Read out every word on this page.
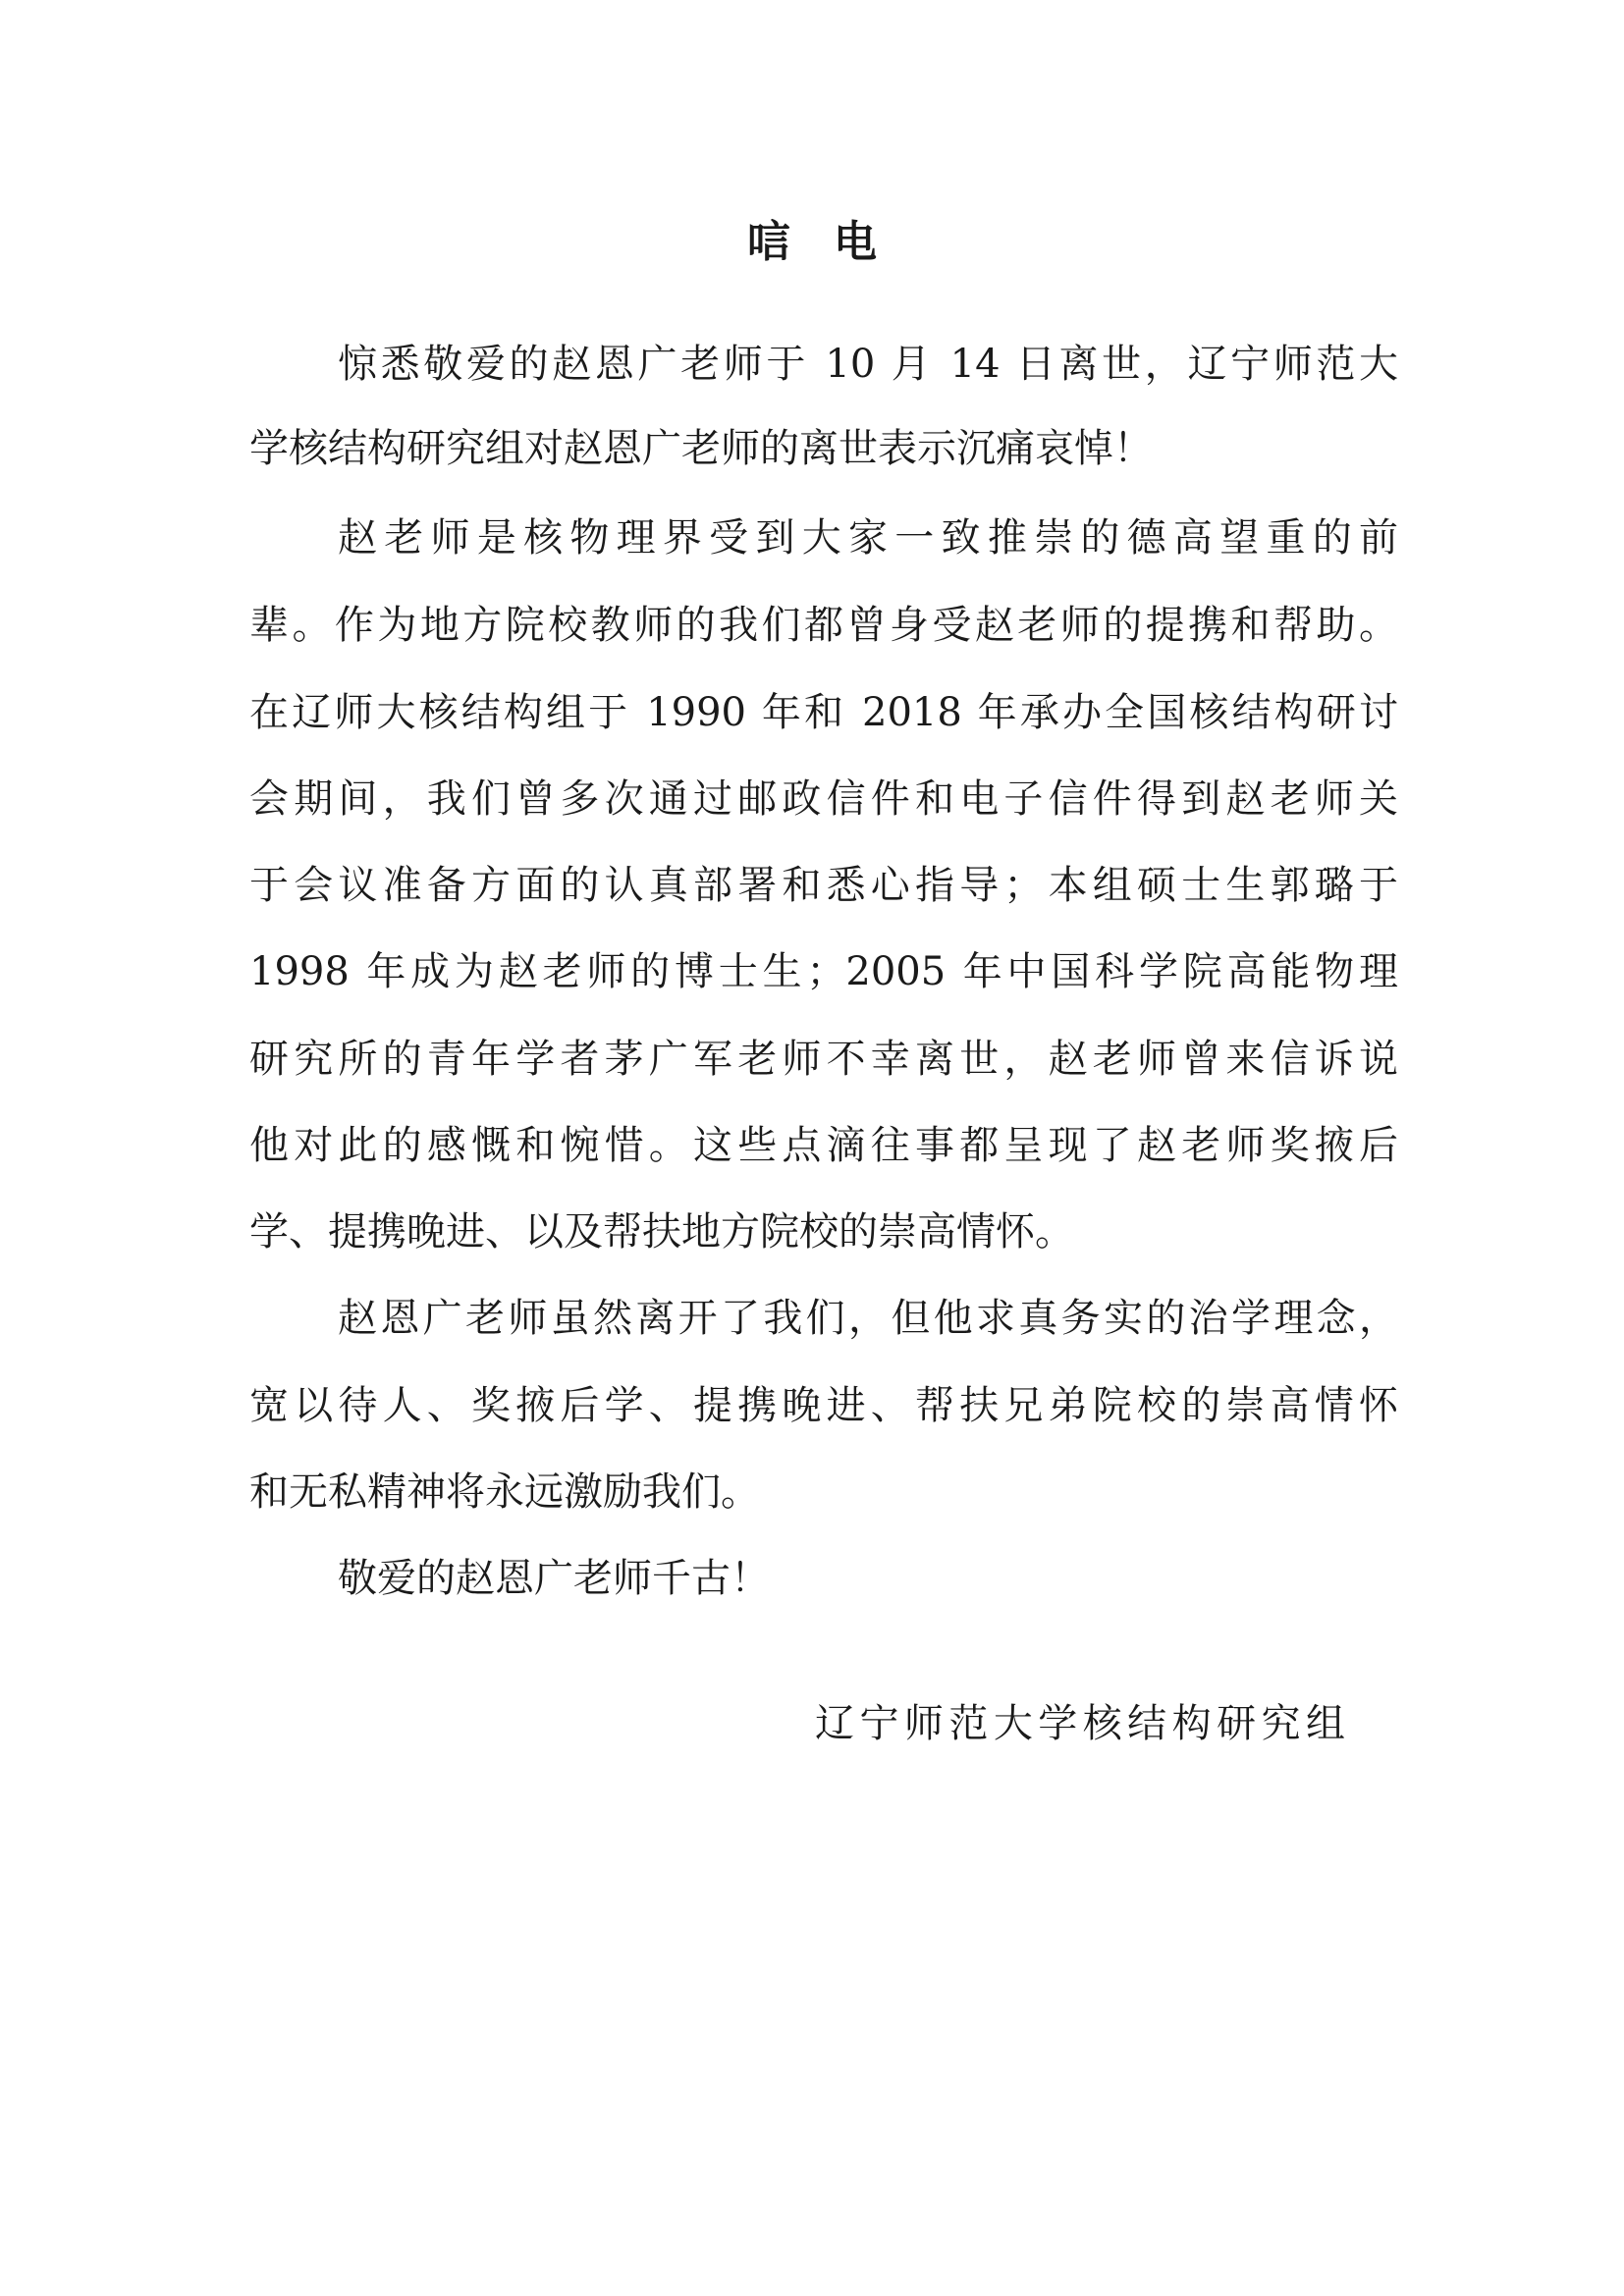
唁电
惊悉敬爱的赵恩广老师于 10 月 14 日离世，辽宁师范大
学核结构研究组对赵恩广老师的离世表示沉痛哀悼！
赵老师是核物理界受到大家一致推崇的德高望重的前
辈。作为地方院校教师的我们都曾身受赵老师的提携和帮助。
在辽师大核结构组于 1990 年和 2018 年承办全国核结构研讨
会期间，我们曾多次通过邮政信件和电子信件得到赵老师关
于会议准备方面的认真部署和悉心指导；本组硕士生郭璐于
1998 年成为赵老师的博士生；2005 年中国科学院高能物理
研究所的青年学者茅广军老师不幸离世，赵老师曾来信诉说
他对此的感慨和惋惜。这些点滴往事都呈现了赵老师奖掖后
学、提携晚进、以及帮扶地方院校的崇高情怀。
赵恩广老师虽然离开了我们，但他求真务实的治学理念，
宽以待人、奖掖后学、提携晚进、帮扶兄弟院校的崇高情怀
和无私精神将永远激励我们。
敬爱的赵恩广老师千古！
辽宁师范大学核结构研究组
